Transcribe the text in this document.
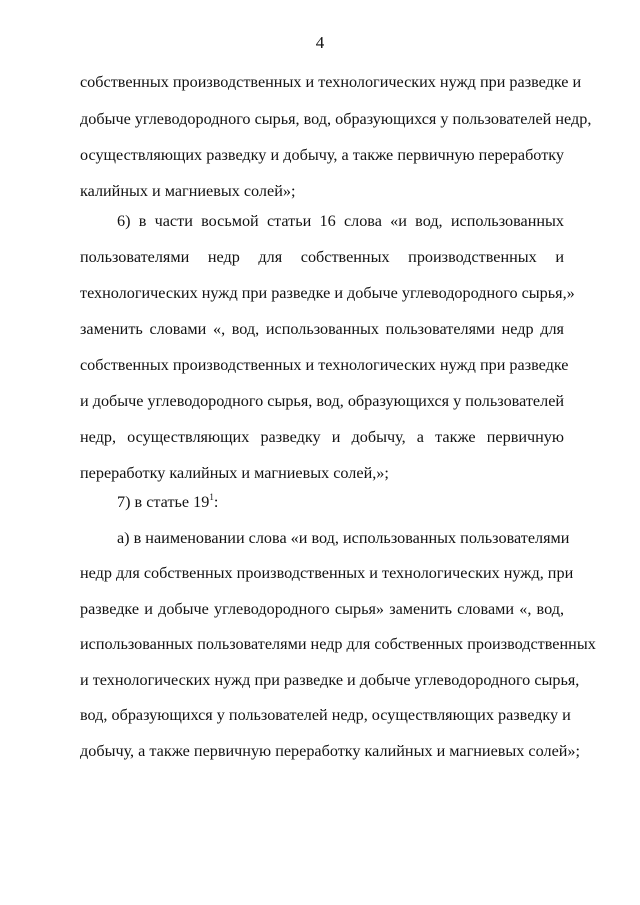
4
собственных производственных и технологических нужд при разведке и
добыче углеводородного сырья, вод, образующихся у пользователей недр,
осуществляющих разведку и добычу, а также первичную переработку
калийных и магниевых солей»;
6) в части восьмой статьи 16 слова «и вод, использованных
пользователями недр для собственных производственных и
технологических нужд при разведке и добыче углеводородного сырья,»
заменить словами «, вод, использованных пользователями недр для
собственных производственных и технологических нужд при разведке
и добыче углеводородного сырья, вод, образующихся у пользователей
недр, осуществляющих разведку и добычу, а также первичную
переработку калийных и магниевых солей,»;
7) в статье $19^1$:
а) в наименовании слова «и вод, использованных пользователями
недр для собственных производственных и технологических нужд, при
разведке и добыче углеводородного сырья» заменить словами «, вод,
использованных пользователями недр для собственных производственных
и технологических нужд при разведке и добыче углеводородного сырья,
вод, образующихся у пользователей недр, осуществляющих разведку и
добычу, а также первичную переработку калийных и магниевых солей»;
